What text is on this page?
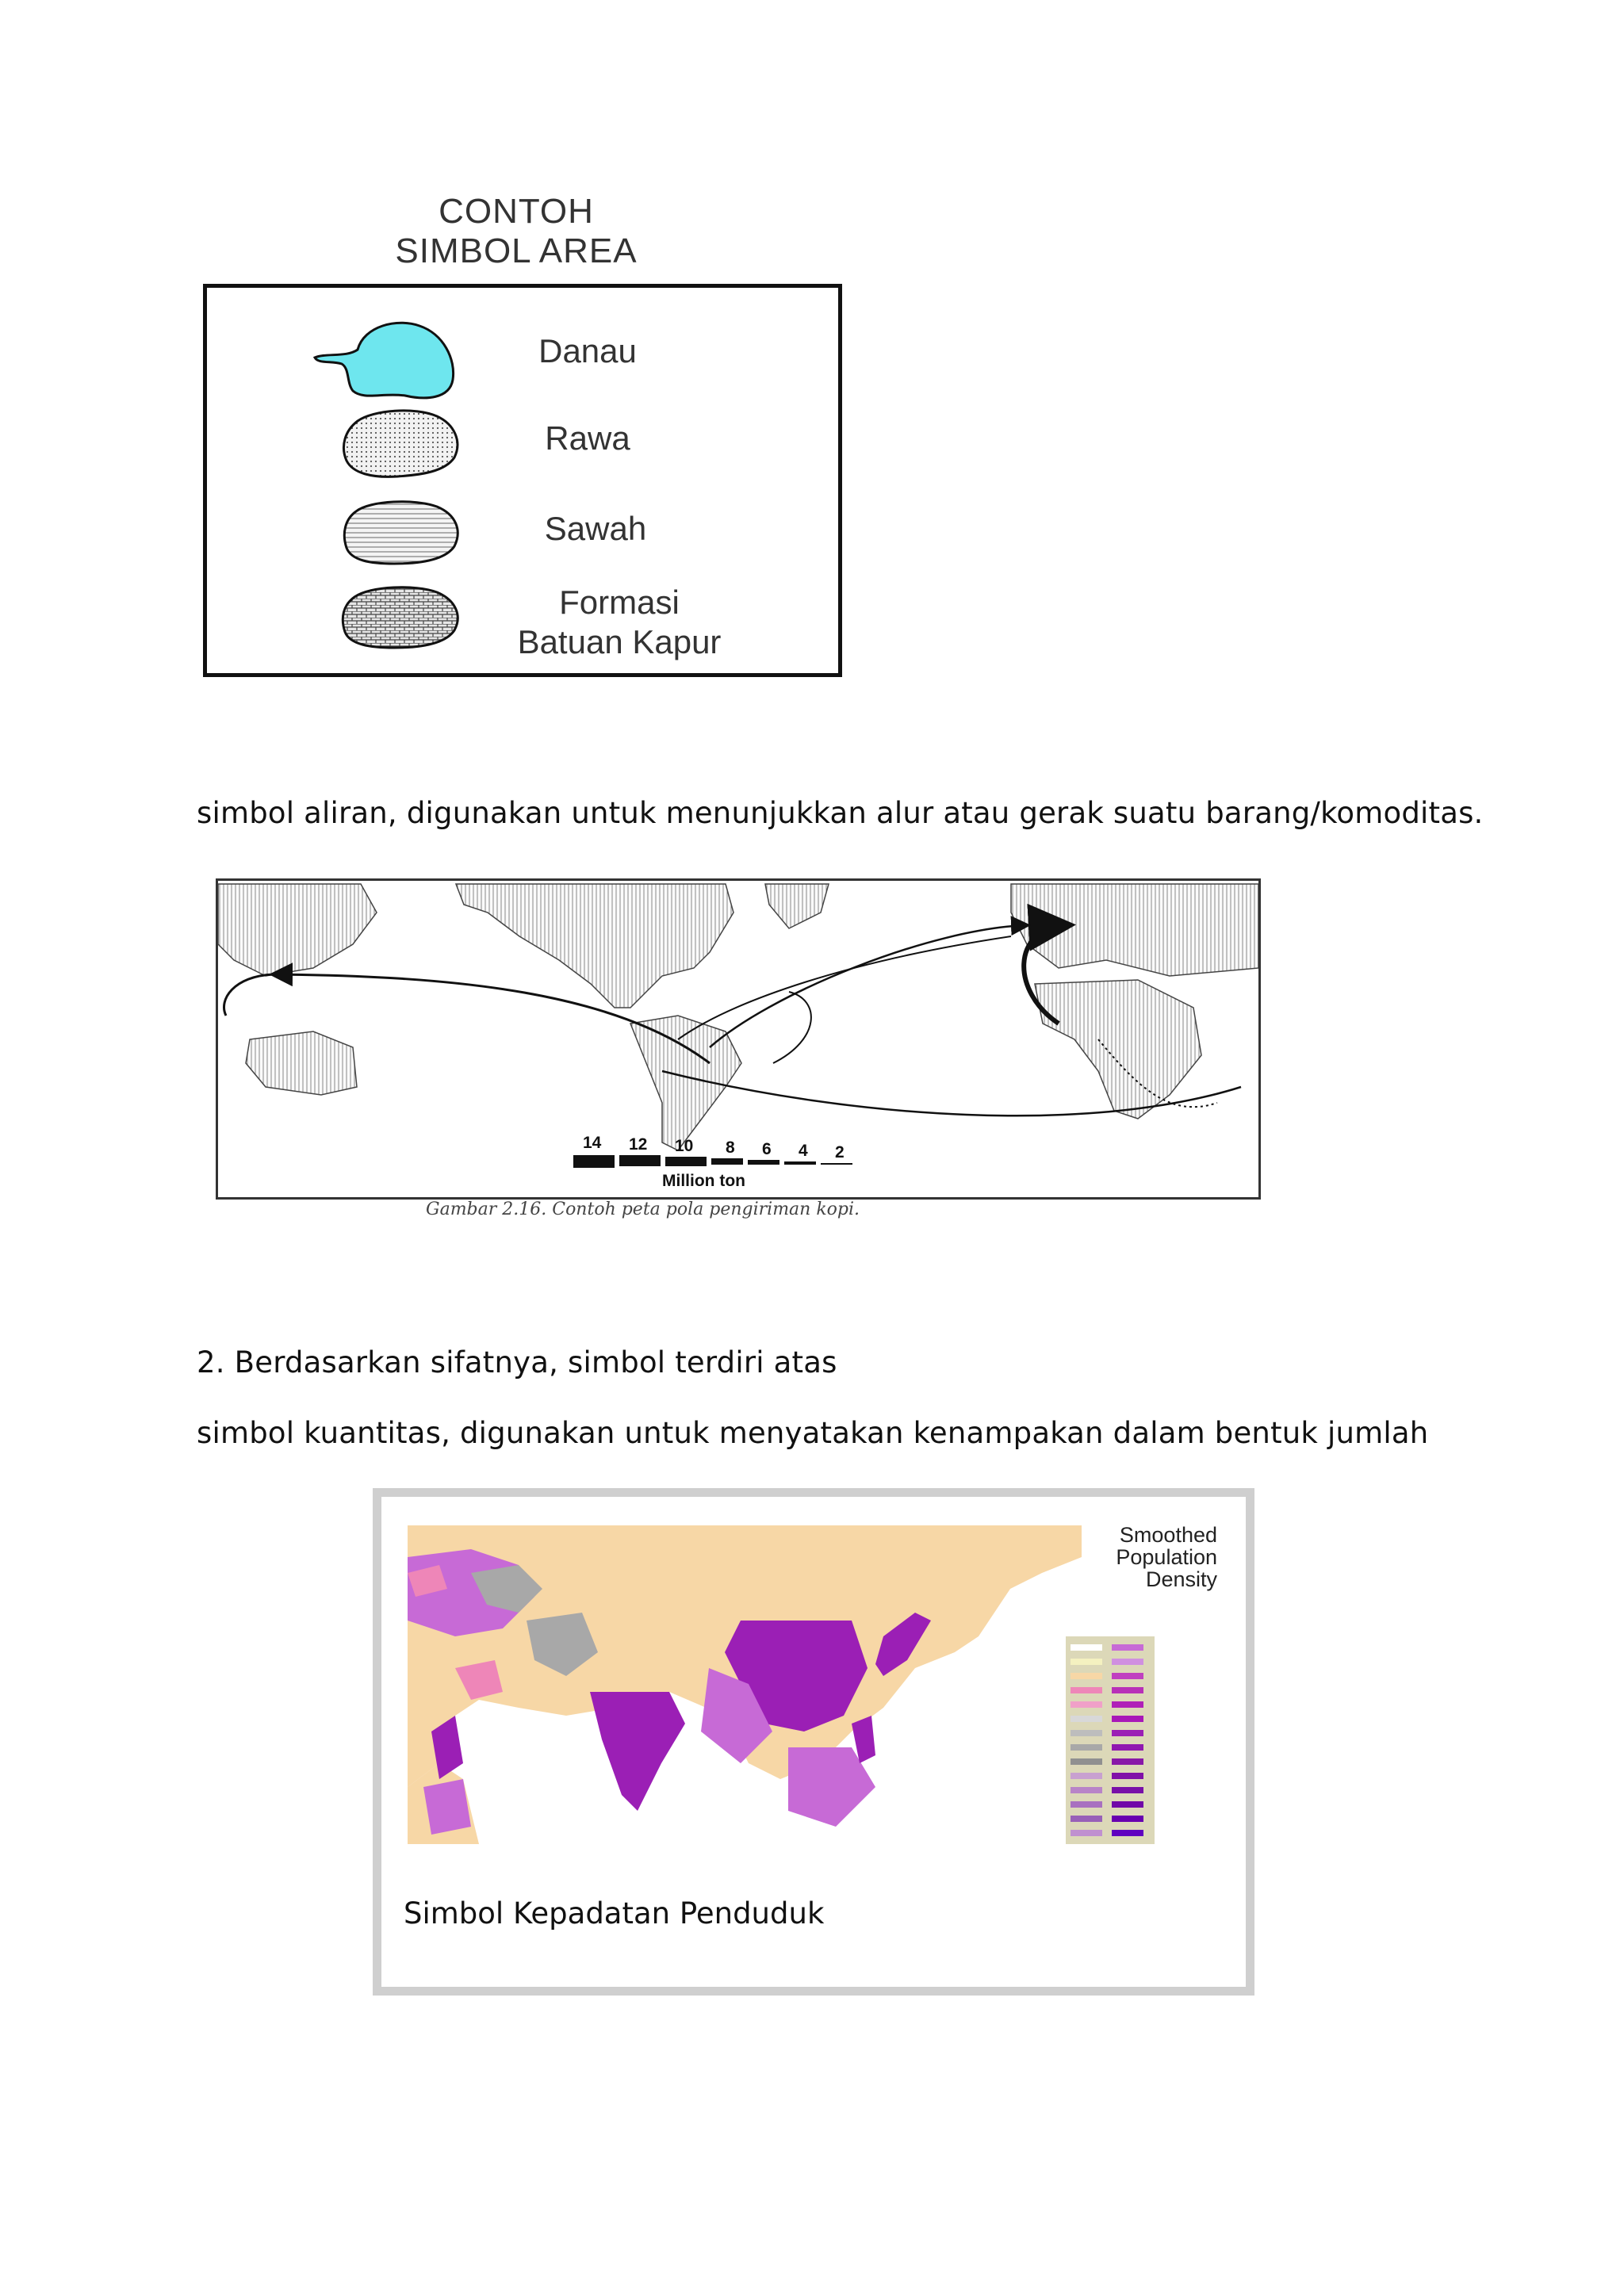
CONTOH
SIMBOL AREA
Danau
Rawa
Sawah
Formasi
Batuan Kapur
simbol aliran, digunakan untuk menunjukkan alur atau gerak suatu barang/komoditas.
14 12 10 8 6 4 2
Million ton
Gambar 2.16. Contoh peta pola pengiriman kopi.
2. Berdasarkan sifatnya, simbol terdiri atas
simbol kuantitas, digunakan untuk menyatakan kenampakan dalam bentuk jumlah
Smoothed
Population
Density
Simbol Kepadatan Penduduk
